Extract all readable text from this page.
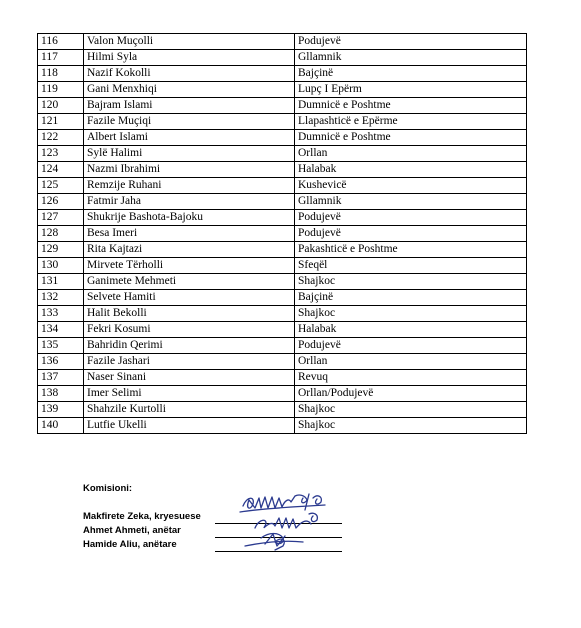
116	Valon Muçolli	Podujevë
117	Hilmi Syla	Gllamnik
118	Nazif Kokolli	Bajçinë
119	Gani Menxhiqi	Lupç I Epërm
120	Bajram Islami	Dumnicë e Poshtme
121	Fazile Muçiqi	Llapashticë e Epërme
122	Albert Islami	Dumnicë e Poshtme
123	Sylë Halimi	Orllan
124	Nazmi Ibrahimi	Halabak
125	Remzije Ruhani	Kushevicë
126	Fatmir Jaha	Gllamnik
127	Shukrije Bashota-Bajoku	Podujevë
128	Besa Imeri	Podujevë
129	Rita Kajtazi	Pakashticë e Poshtme
130	Mirvete Tërholli	Sfeqël
131	Ganimete Mehmeti	Shajkoc
132	Selvete Hamiti	Bajçinë
133	Halit Bekolli	Shajkoc
134	Fekri Kosumi	Halabak
135	Bahridin Qerimi	Podujevë
136	Fazile Jashari	Orllan
137	Naser Sinani	Revuq
138	Imer Selimi	Orllan/Podujevë
139	Shahzile Kurtolli	Shajkoc
140	Lutfie Ukelli	Shajkoc
Komisioni:
Makfirete Zeka, kryesuese
Ahmet Ahmeti, anëtar
Hamide Aliu, anëtare
